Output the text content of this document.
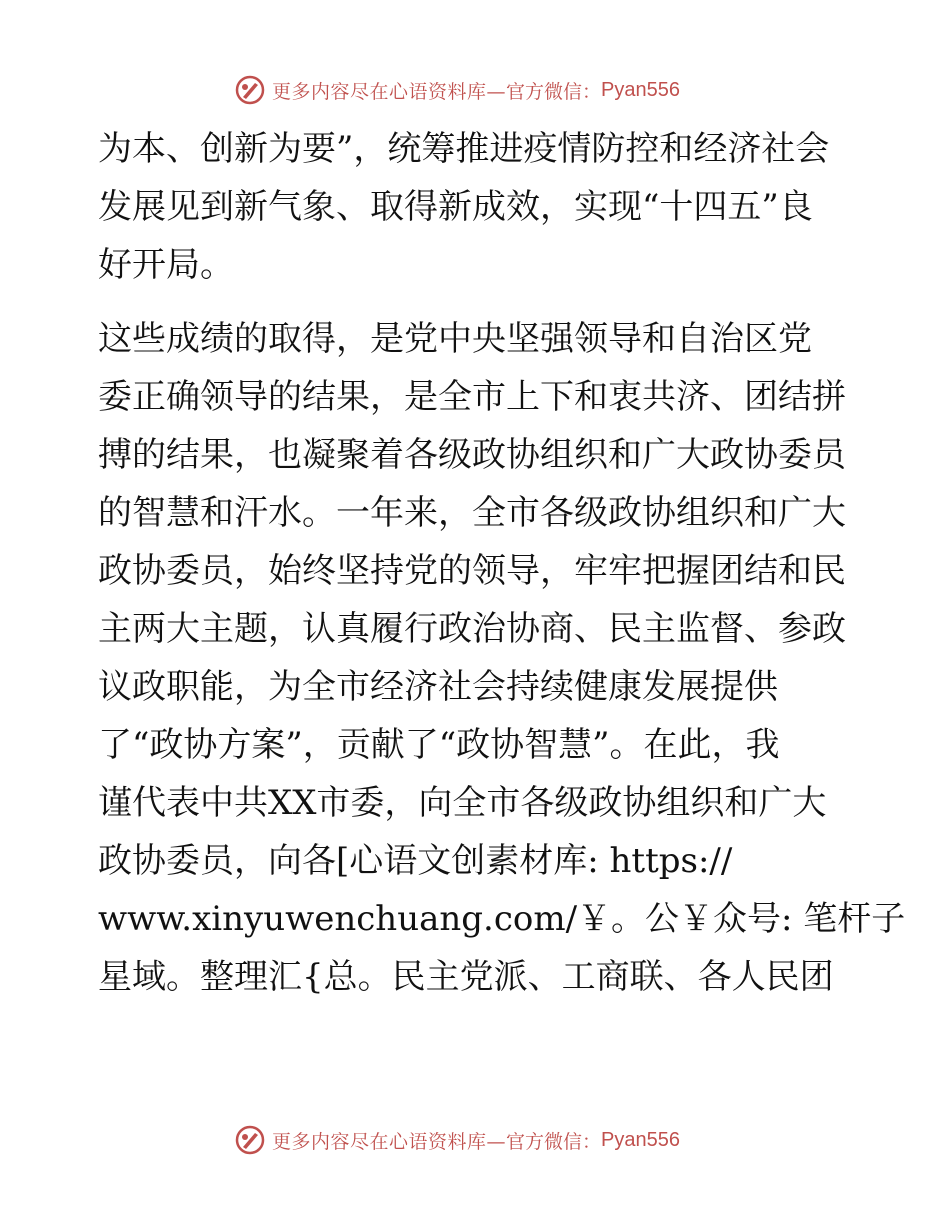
更多内容尽在心语资料库— 官方微信： Pyan556
为本、创新为要”，统筹推进疫情防控和经济社会
发展见到新气象、取得新成效，实现“十四五”良
好开局。
这些成绩的取得，是党中央坚强领导和自治区党
委正确领导的结果，是全市上下和衷共济、团结拼
搏的结果，也凝聚着各级政协组织和广大政协委员
的智慧和汗水。一年来，全市各级政协组织和广大
政协委员，始终坚持党的领导，牢牢把握团结和民
主两大主题，认真履行政治协商、民主监督、参政
议政职能，为全市经济社会持续健康发展提供
了“政协方案”，贡献了“政协智慧”。在此，我
谨代表中共XX市委，向全市各级政协组织和广大
政协委员，向各[心语文创素材库: https://
www.xinyuwenchuang.com/￥。公￥众号: 笔杆子
星域。整理汇{总。民主党派、工商联、各人民团
更多内容尽在心语资料库— 官方微信： Pyan556
